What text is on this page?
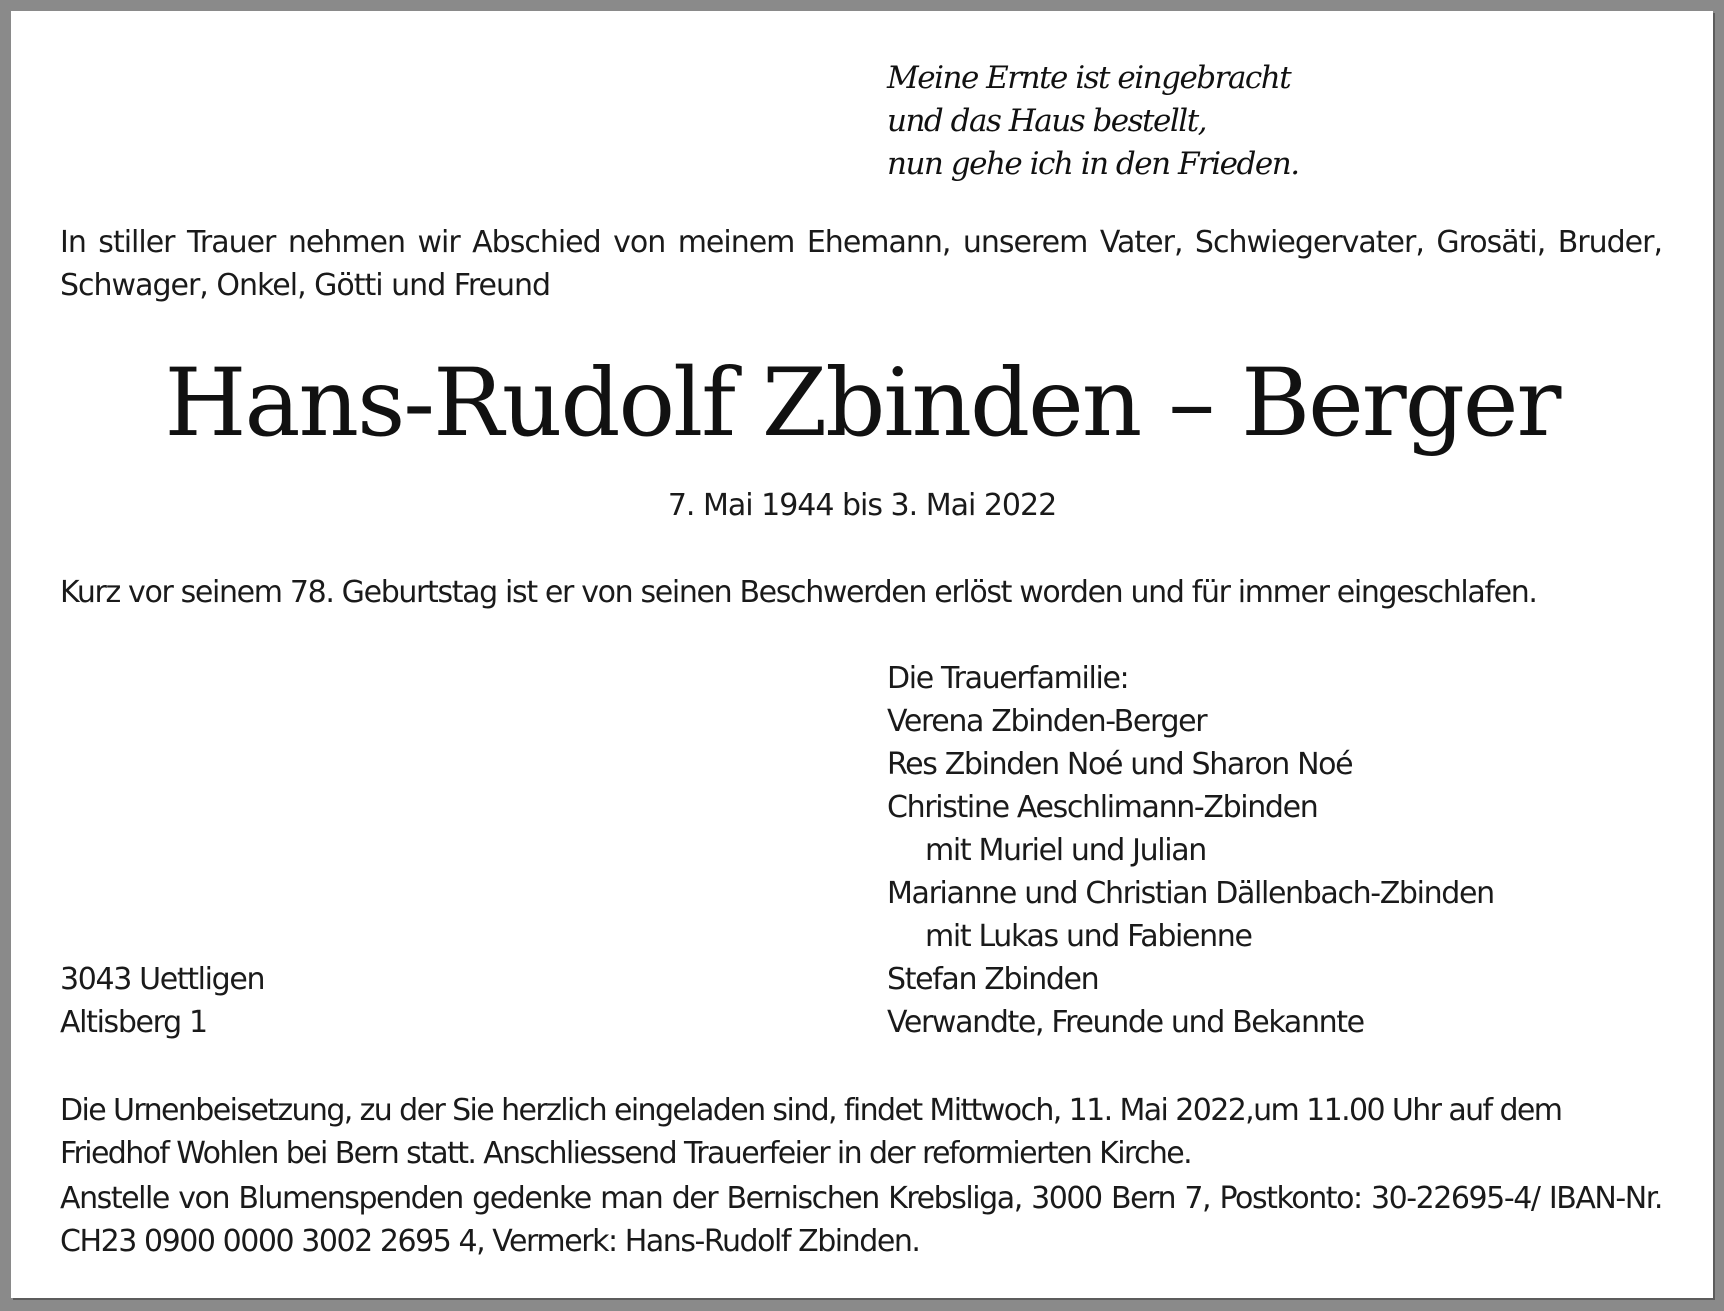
Meine Ernte ist eingebracht
und das Haus bestellt,
nun gehe ich in den Frieden.

In stiller Trauer nehmen wir Abschied von meinem Ehemann, unserem Vater, Schwiegervater, Grosäti, Bruder, Schwager, Onkel, Götti und Freund

Hans-Rudolf Zbinden – Berger

7. Mai 1944 bis 3. Mai 2022

Kurz vor seinem 78. Geburtstag ist er von seinen Beschwerden erlöst worden und für immer eingeschlafen.

Die Trauerfamilie:
Verena Zbinden-Berger
Res Zbinden Noé und Sharon Noé
Christine Aeschlimann-Zbinden
mit Muriel und Julian
Marianne und Christian Dällenbach-Zbinden
mit Lukas und Fabienne
Stefan Zbinden
Verwandte, Freunde und Bekannte
3043 Uettligen
Altisberg 1

Die Urnenbeisetzung, zu der Sie herzlich eingeladen sind, findet Mittwoch, 11. Mai 2022,um 11.00 Uhr auf dem Friedhof Wohlen bei Bern statt. Anschliessend Trauerfeier in der reformierten Kirche.

Anstelle von Blumenspenden gedenke man der Bernischen Krebsliga, 3000 Bern 7, Postkonto: 30-22695-4/ IBAN-Nr. CH23 0900 0000 3002 2695 4, Vermerk: Hans-Rudolf Zbinden.
